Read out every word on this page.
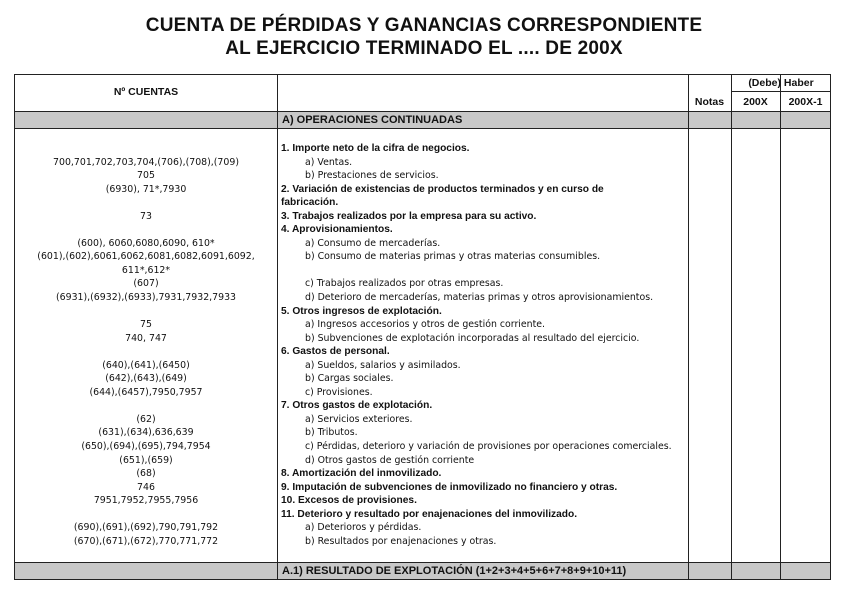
CUENTA DE PÉRDIDAS Y GANANCIAS CORRESPONDIENTE
AL EJERCICIO TERMINADO EL .... DE 200X
Nº CUENTAS
(Debe) Haber
Notas	200X	200X-1
A) OPERACIONES CONTINUADAS
A.1) RESULTADO DE EXPLOTACIÓN (1+2+3+4+5+6+7+8+9+10+11)

700,701,702,703,704,(706),(708),(709)
705
(6930), 71*,7930

73

(600), 6060,6080,6090, 610*
(601),(602),6061,6062,6081,6082,6091,6092,
611*,612*
(607)
(6931),(6932),(6933),7931,7932,7933

75
740, 747

(640),(641),(6450)
(642),(643),(649)
(644),(6457),7950,7957

(62)
(631),(634),636,639
(650),(694),(695),794,7954
(651),(659)
(68)
746
7951,7952,7955,7956

(690),(691),(692),790,791,792
(670),(671),(672),770,771,772
1. Importe neto de la cifra de negocios.
a) Ventas.
b) Prestaciones de servicios.
2. Variación de existencias de productos terminados y en curso de
fabricación.
3. Trabajos realizados por la empresa para su activo.
4. Aprovisionamientos.
a) Consumo de mercaderías.
b) Consumo de materias primas y otras materias consumibles.

c) Trabajos realizados por otras empresas.
d) Deterioro de mercaderías, materias primas y otros aprovisionamientos.
5. Otros ingresos de explotación.
a) Ingresos accesorios y otros de gestión corriente.
b) Subvenciones de explotación incorporadas al resultado del ejercicio.
6. Gastos de personal.
a) Sueldos, salarios y asimilados.
b) Cargas sociales.
c) Provisiones.
7. Otros gastos de explotación.
a) Servicios exteriores.
b) Tributos.
c) Pérdidas, deterioro y variación de provisiones por operaciones comerciales.
d) Otros gastos de gestión corriente
8. Amortización del inmovilizado.
9. Imputación de subvenciones de inmovilizado no financiero y otras.
10. Excesos de provisiones.
11. Deterioro y resultado por enajenaciones del inmovilizado.
a) Deterioros y pérdidas.
b) Resultados por enajenaciones y otras.
